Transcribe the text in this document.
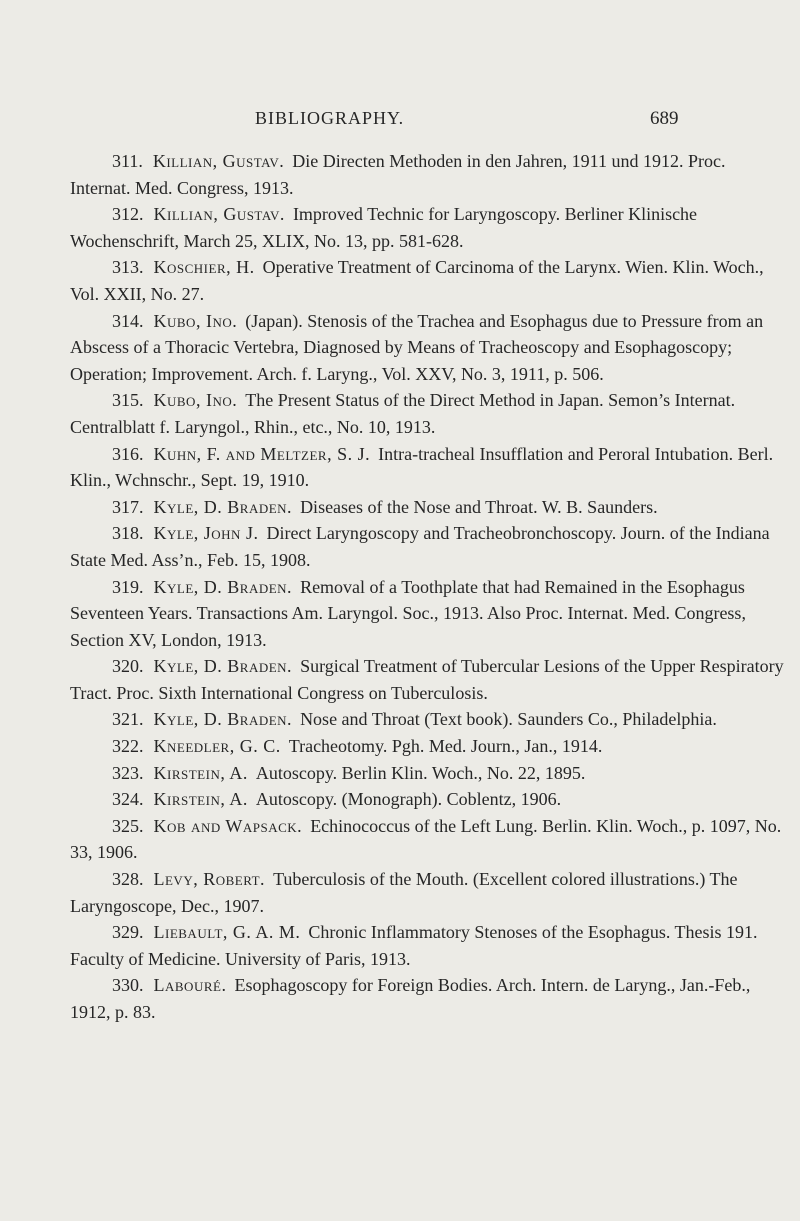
BIBLIOGRAPHY.	689

311. Killian, Gustav. Die Directen Methoden in den Jahren, 1911 und 1912. Proc. Internat. Med. Congress, 1913.

312. Killian, Gustav. Improved Technic for Laryngoscopy. Berliner Klinische Wochenschrift, March 25, XLIX, No. 13, pp. 581-628.

313. Koschier, H. Operative Treatment of Carcinoma of the Larynx. Wien. Klin. Woch., Vol. XXII, No. 27.

314. Kubo, Ino. (Japan). Stenosis of the Trachea and Esophagus due to Pressure from an Abscess of a Thoracic Vertebra, Diagnosed by Means of Tracheoscopy and Esophagoscopy; Operation; Improvement. Arch. f. Laryng., Vol. XXV, No. 3, 1911, p. 506.

315. Kubo, Ino. The Present Status of the Direct Method in Japan. Semon’s Internat. Centralblatt f. Laryngol., Rhin., etc., No. 10, 1913.

316. Kuhn, F. and Meltzer, S. J. Intra-tracheal Insufflation and Peroral Intubation. Berl. Klin., Wchnschr., Sept. 19, 1910.

317. Kyle, D. Braden. Diseases of the Nose and Throat. W. B. Saunders.

318. Kyle, John J. Direct Laryngoscopy and Tracheobronchoscopy. Journ. of the Indiana State Med. Ass’n., Feb. 15, 1908.

319. Kyle, D. Braden. Removal of a Toothplate that had Remained in the Esophagus Seventeen Years. Transactions Am. Laryngol. Soc., 1913. Also Proc. Internat. Med. Congress, Section XV, London, 1913.

320. Kyle, D. Braden. Surgical Treatment of Tubercular Lesions of the Upper Respiratory Tract. Proc. Sixth International Congress on Tuberculosis.

321. Kyle, D. Braden. Nose and Throat (Text book). Saunders Co., Philadelphia.

322. Kneedler, G. C. Tracheotomy. Pgh. Med. Journ., Jan., 1914.

323. Kirstein, A. Autoscopy. Berlin Klin. Woch., No. 22, 1895.

324. Kirstein, A. Autoscopy. (Monograph). Coblentz, 1906.

325. Kob and Wapsack. Echinococcus of the Left Lung. Berlin. Klin. Woch., p. 1097, No. 33, 1906.

328. Levy, Robert. Tuberculosis of the Mouth. (Excellent colored illustrations.) The Laryngoscope, Dec., 1907.

329. Liebault, G. A. M. Chronic Inflammatory Stenoses of the Esophagus. Thesis 191. Faculty of Medicine. University of Paris, 1913.

330. Labouré. Esophagoscopy for Foreign Bodies. Arch. Intern. de Laryng., Jan.-Feb., 1912, p. 83.
